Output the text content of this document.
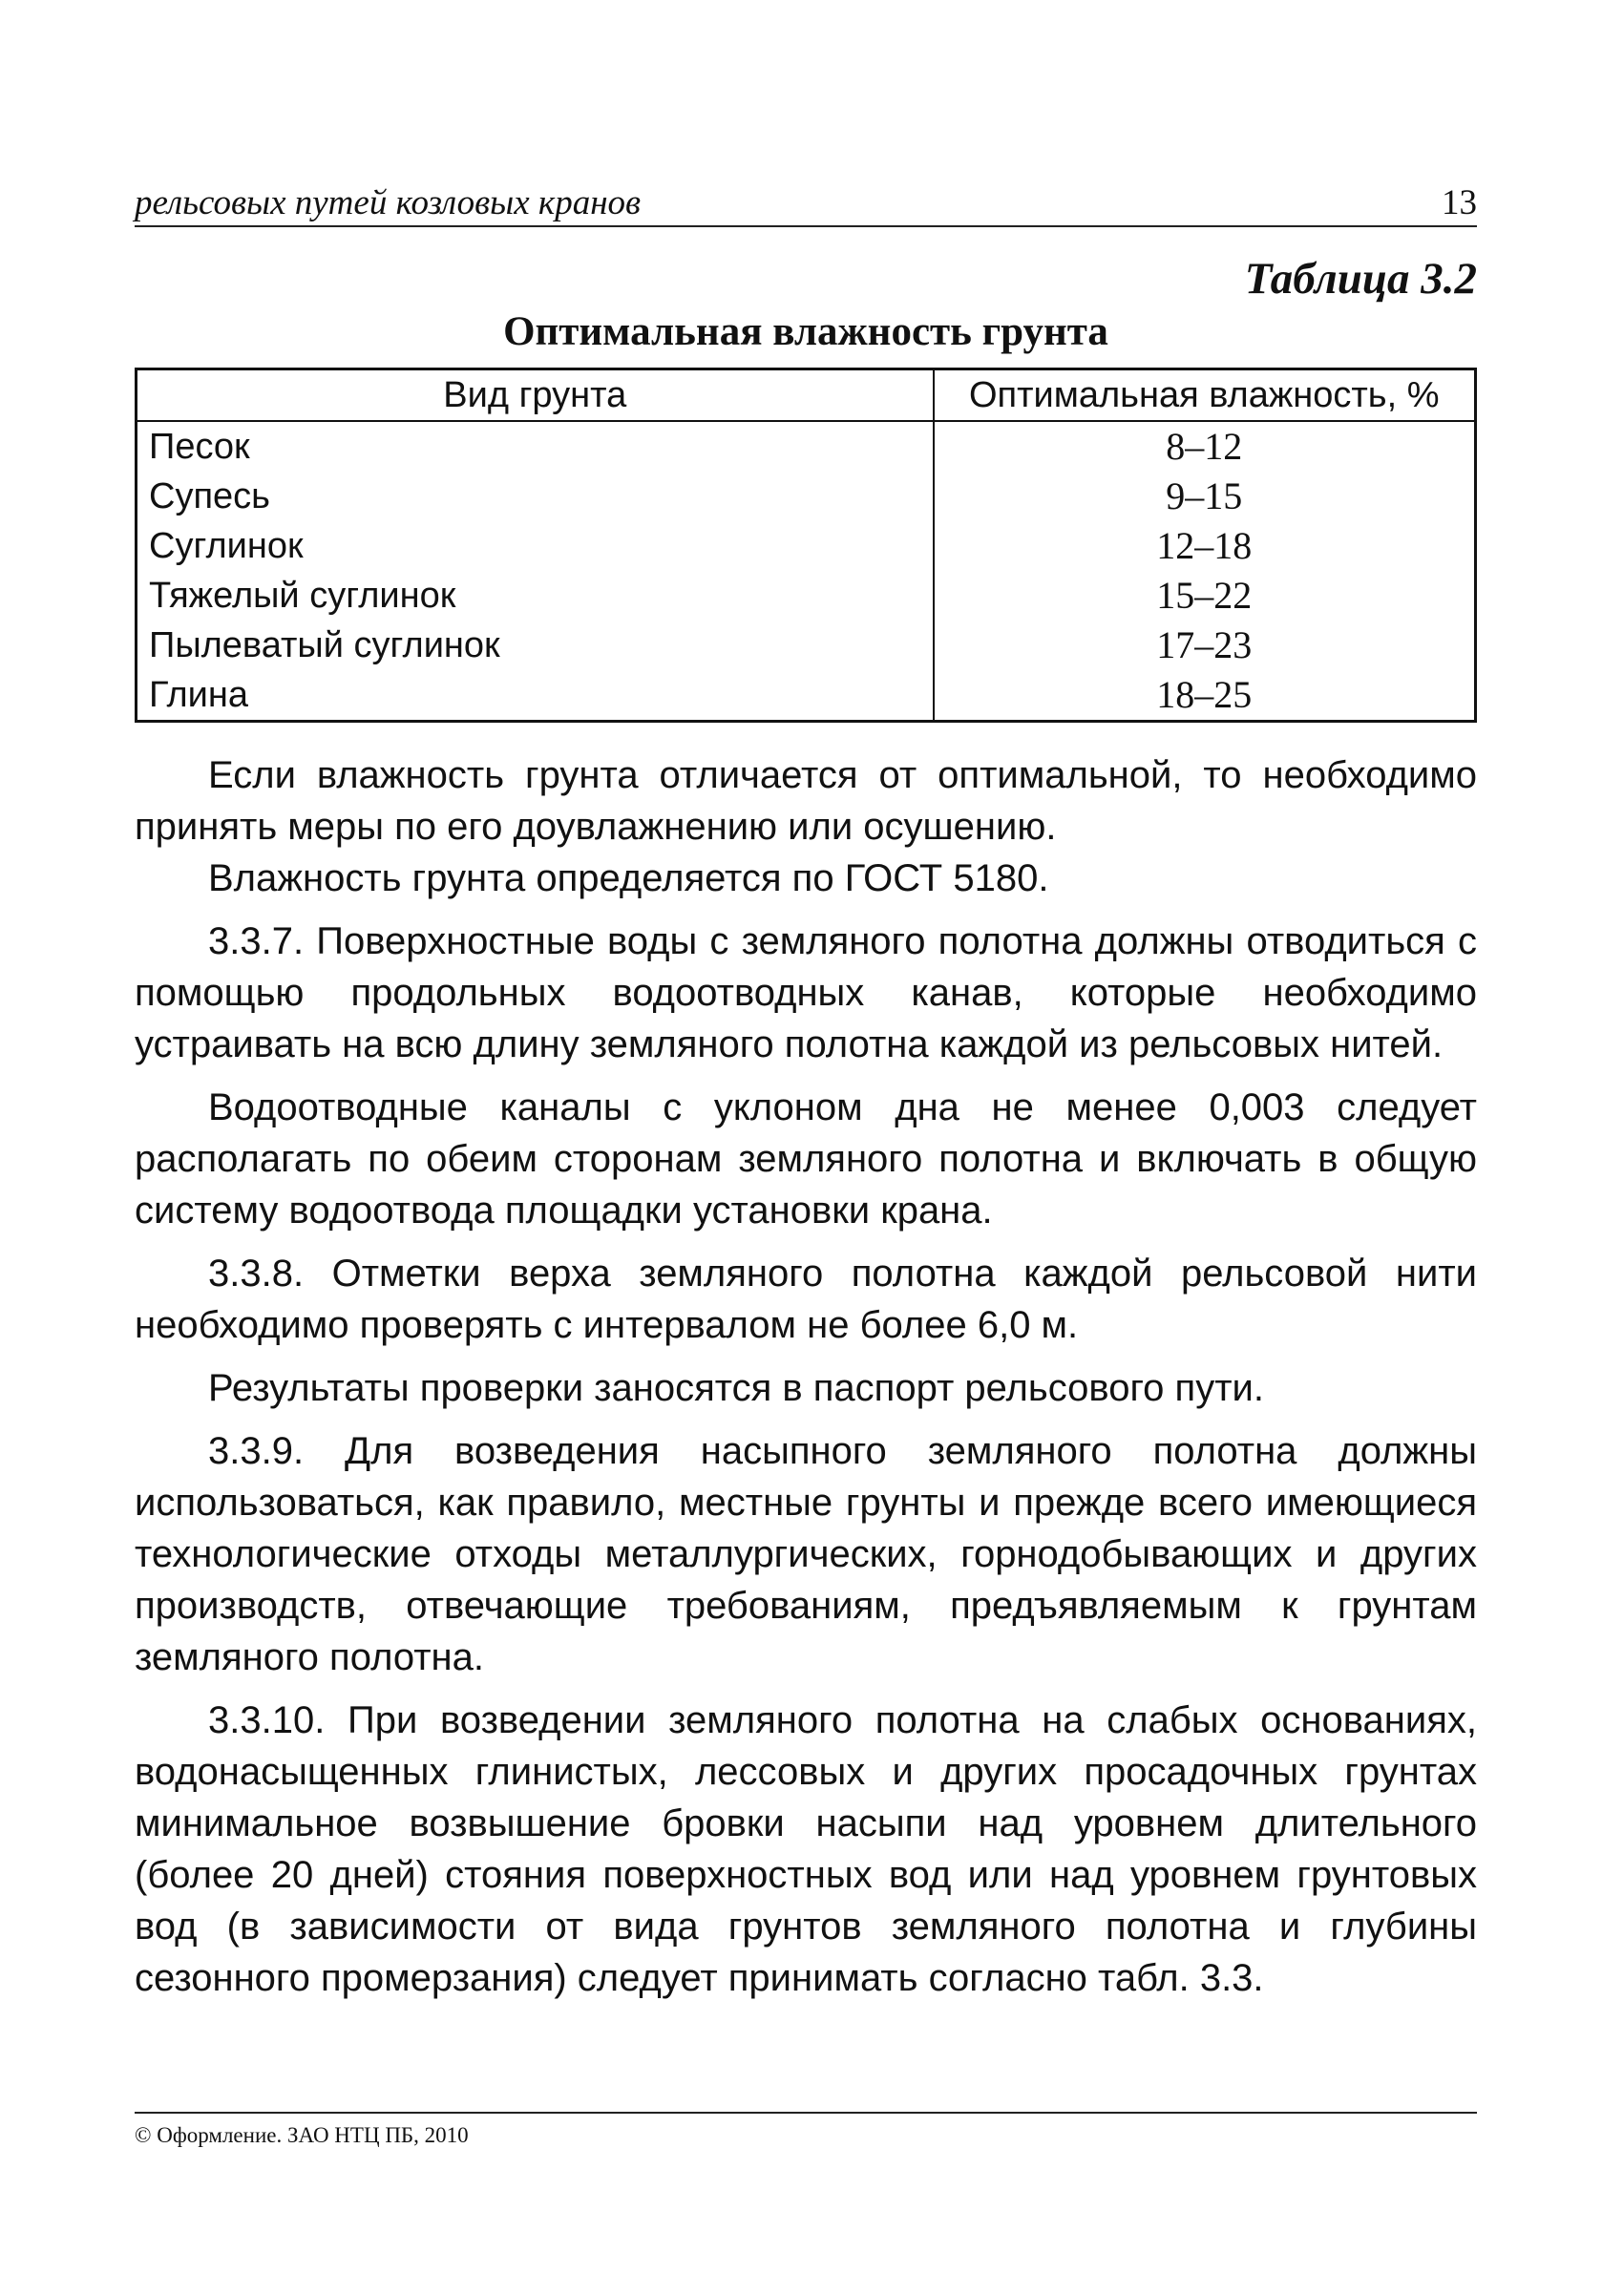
рельсовых путей козловых кранов	13
Таблица 3.2
Оптимальная влажность грунта
Вид грунта	Оптимальная влажность, %
Песок	8–12
Супесь	9–15
Суглинок	12–18
Тяжелый суглинок	15–22
Пылеватый суглинок	17–23
Глина	18–25

Если влажность грунта отличается от оптимальной, то необходимо принять меры по его доувлажнению или осушению.

Влажность грунта определяется по ГОСТ 5180.

3.3.7. Поверхностные воды с земляного полотна должны отводиться с помощью продольных водоотводных канав, которые необходимо устраивать на всю длину земляного полотна каждой из рельсовых нитей.

Водоотводные каналы с уклоном дна не менее 0,003 следует располагать по обеим сторонам земляного полотна и включать в общую систему водоотвода площадки установки крана.

3.3.8. Отметки верха земляного полотна каждой рельсовой нити необходимо проверять с интервалом не более 6,0 м.

Результаты проверки заносятся в паспорт рельсового пути.

3.3.9. Для возведения насыпного земляного полотна должны использоваться, как правило, местные грунты и прежде всего имеющиеся технологические отходы металлургических, горнодобывающих и других производств, отвечающие требованиям, предъявляемым к грунтам земляного полотна.

3.3.10. При возведении земляного полотна на слабых основаниях, водонасыщенных глинистых, лессовых и других просадочных грунтах минимальное возвышение бровки насыпи над уровнем длительного (более 20 дней) стояния поверхностных вод или над уровнем грунтовых вод (в зависимости от вида грунтов земляного полотна и глубины сезонного промерзания) следует принимать согласно табл. 3.3.

© Оформление. ЗАО НТЦ ПБ, 2010
